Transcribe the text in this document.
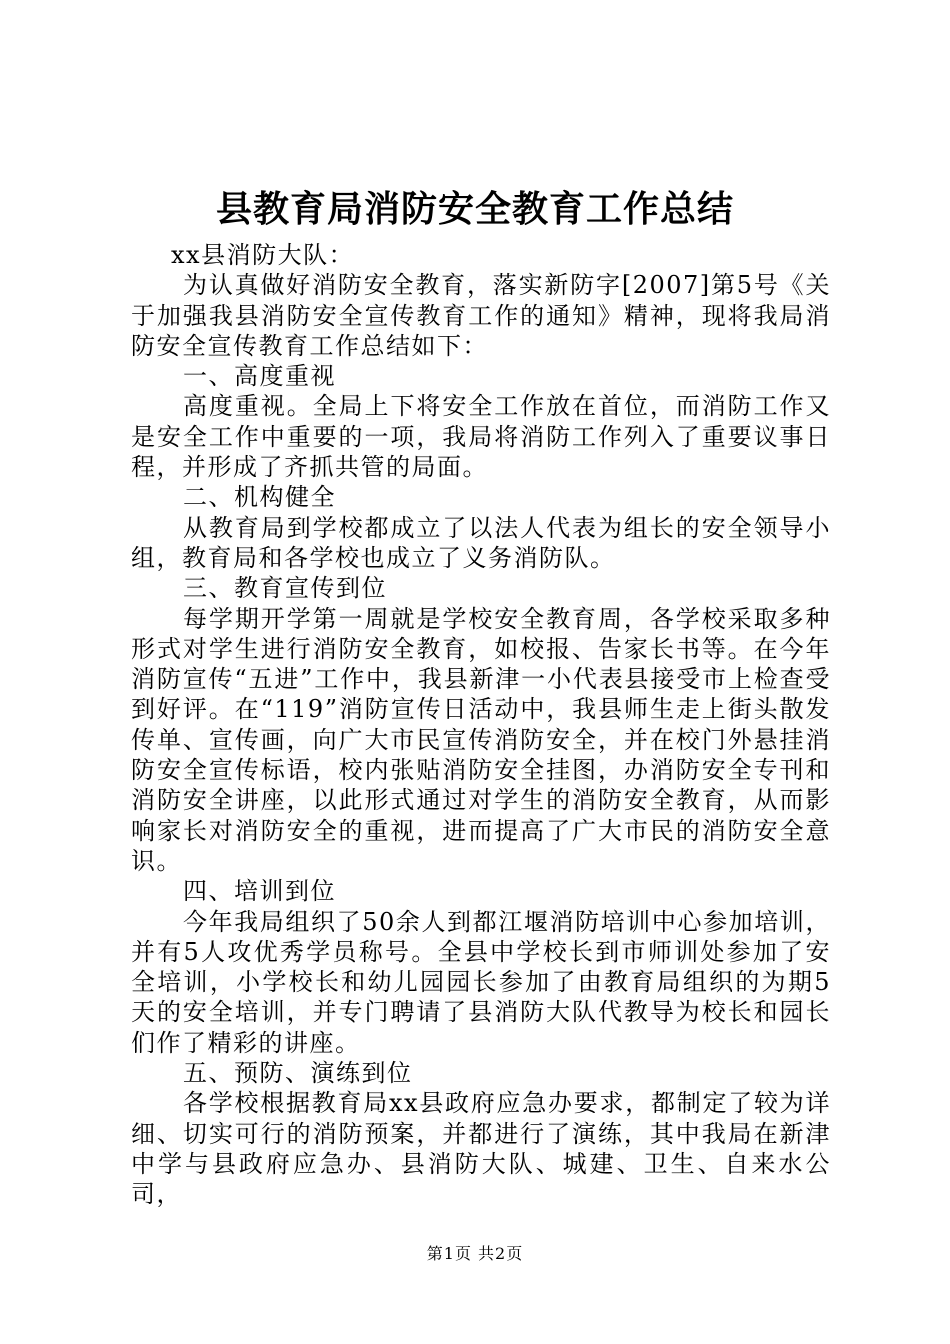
县教育局消防安全教育工作总结

xx县消防大队：

为认真做好消防安全教育，落实新防字[2007]第5号《关于加强我县消防安全宣传教育工作的通知》精神，现将我局消防安全宣传教育工作总结如下：

一、高度重视

高度重视。全局上下将安全工作放在首位，而消防工作又是安全工作中重要的一项，我局将消防工作列入了重要议事日程，并形成了齐抓共管的局面。

二、机构健全

从教育局到学校都成立了以法人代表为组长的安全领导小组，教育局和各学校也成立了义务消防队。

三、教育宣传到位

每学期开学第一周就是学校安全教育周，各学校采取多种形式对学生进行消防安全教育，如校报、告家长书等。在今年消防宣传“五进”工作中，我县新津一小代表县接受市上检查受到好评。在“119”消防宣传日活动中，我县师生走上街头散发传单、宣传画，向广大市民宣传消防安全，并在校门外悬挂消防安全宣传标语，校内张贴消防安全挂图，办消防安全专刊和消防安全讲座，以此形式通过对学生的消防安全教育，从而影响家长对消防安全的重视，进而提高了广大市民的消防安全意识。

四、培训到位

今年我局组织了50余人到都江堰消防培训中心参加培训，并有5人攻优秀学员称号。全县中学校长到市师训处参加了安全培训，小学校长和幼儿园园长参加了由教育局组织的为期5天的安全培训，并专门聘请了县消防大队代教导为校长和园长们作了精彩的讲座。

五、预防、演练到位

各学校根据教育局xx县政府应急办要求，都制定了较为详细、切实可行的消防预案，并都进行了演练，其中我局在新津中学与县政府应急办、县消防大队、城建、卫生、自来水公司，

第1页 共2页
